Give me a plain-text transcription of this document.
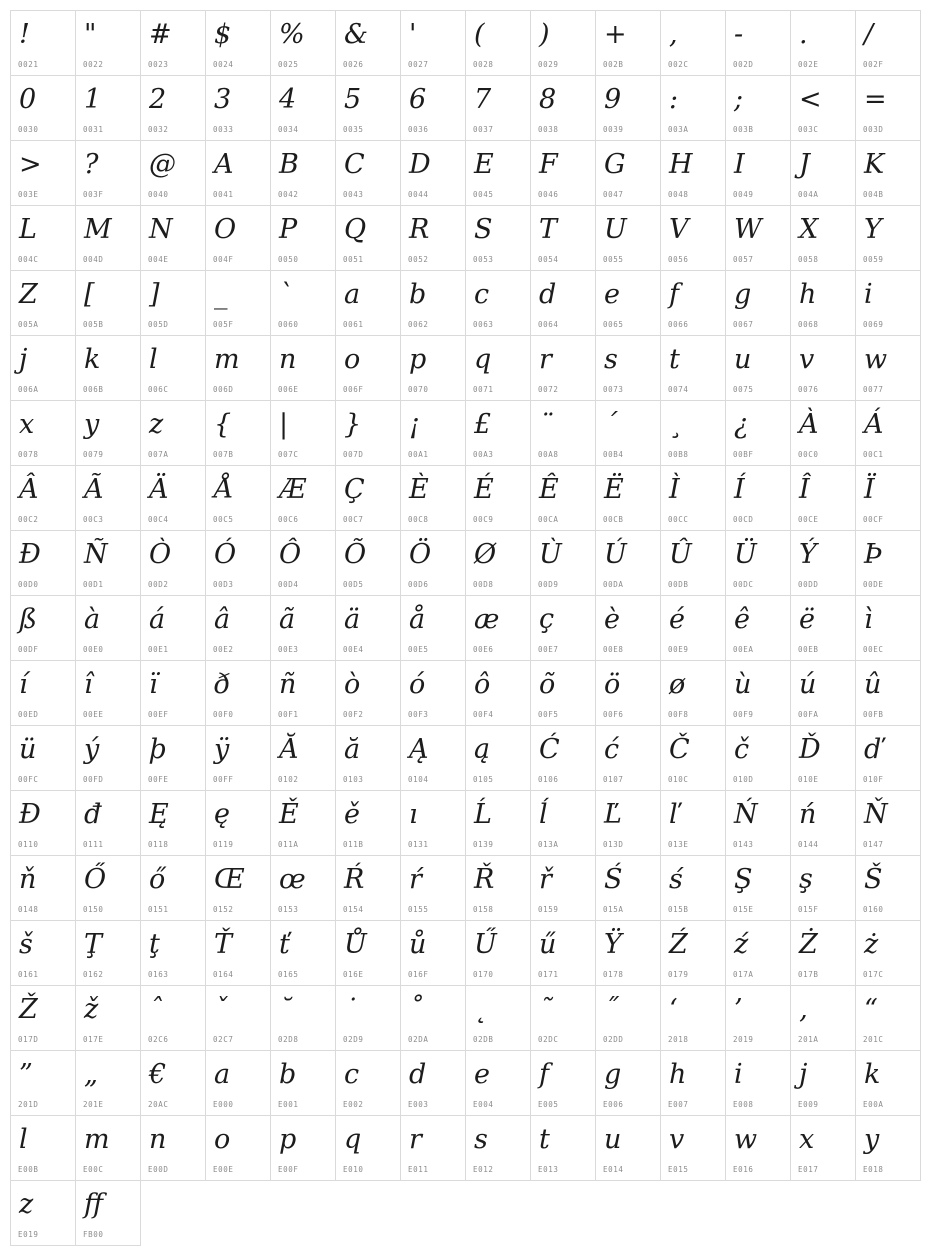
!
0021
"
0022
#
0023
$
0024
%
0025
&
0026
'
0027
(
0028
)
0029
+
002B
,
002C
-
002D
.
002E
/
002F
0
0030
1
0031
2
0032
3
0033
4
0034
5
0035
6
0036
7
0037
8
0038
9
0039
:
003A
;
003B
<
003C
=
003D
>
003E
?
003F
@
0040
A
0041
B
0042
C
0043
D
0044
E
0045
F
0046
G
0047
H
0048
I
0049
J
004A
K
004B
L
004C
M
004D
N
004E
O
004F
P
0050
Q
0051
R
0052
S
0053
T
0054
U
0055
V
0056
W
0057
X
0058
Y
0059
Z
005A
[
005B
]
005D
_
005F
`
0060
a
0061
b
0062
c
0063
d
0064
e
0065
f
0066
g
0067
h
0068
i
0069
j
006A
k
006B
l
006C
m
006D
n
006E
o
006F
p
0070
q
0071
r
0072
s
0073
t
0074
u
0075
v
0076
w
0077
x
0078
y
0079
z
007A
{
007B
|
007C
}
007D
¡
00A1
£
00A3
¨
00A8
´
00B4
¸
00B8
¿
00BF
À
00C0
Á
00C1
Â
00C2
Ã
00C3
Ä
00C4
Å
00C5
Æ
00C6
Ç
00C7
È
00C8
É
00C9
Ê
00CA
Ë
00CB
Ì
00CC
Í
00CD
Î
00CE
Ï
00CF
Ð
00D0
Ñ
00D1
Ò
00D2
Ó
00D3
Ô
00D4
Õ
00D5
Ö
00D6
Ø
00D8
Ù
00D9
Ú
00DA
Û
00DB
Ü
00DC
Ý
00DD
Þ
00DE
ß
00DF
à
00E0
á
00E1
â
00E2
ã
00E3
ä
00E4
å
00E5
æ
00E6
ç
00E7
è
00E8
é
00E9
ê
00EA
ë
00EB
ì
00EC
í
00ED
î
00EE
ï
00EF
ð
00F0
ñ
00F1
ò
00F2
ó
00F3
ô
00F4
õ
00F5
ö
00F6
ø
00F8
ù
00F9
ú
00FA
û
00FB
ü
00FC
ý
00FD
þ
00FE
ÿ
00FF
Ă
0102
ă
0103
Ą
0104
ą
0105
Ć
0106
ć
0107
Č
010C
č
010D
Ď
010E
ď
010F
Đ
0110
đ
0111
Ę
0118
ę
0119
Ě
011A
ě
011B
ı
0131
Ĺ
0139
ĺ
013A
Ľ
013D
ľ
013E
Ń
0143
ń
0144
Ň
0147
ň
0148
Ő
0150
ő
0151
Œ
0152
œ
0153
Ŕ
0154
ŕ
0155
Ř
0158
ř
0159
Ś
015A
ś
015B
Ş
015E
ş
015F
Š
0160
š
0161
Ţ
0162
ţ
0163
Ť
0164
ť
0165
Ů
016E
ů
016F
Ű
0170
ű
0171
Ÿ
0178
Ź
0179
ź
017A
Ż
017B
ż
017C
Ž
017D
ž
017E
ˆ
02C6
ˇ
02C7
˘
02D8
˙
02D9
˚
02DA
˛
02DB
˜
02DC
˝
02DD
‘
2018
’
2019
‚
201A
“
201C
”
201D
„
201E
€
20AC
a
E000
b
E001
c
E002
d
E003
e
E004
f
E005
g
E006
h
E007
i
E008
j
E009
k
E00A
l
E00B
m
E00C
n
E00D
o
E00E
p
E00F
q
E010
r
E011
s
E012
t
E013
u
E014
v
E015
w
E016
x
E017
y
E018
z
E019
ff
FB00
